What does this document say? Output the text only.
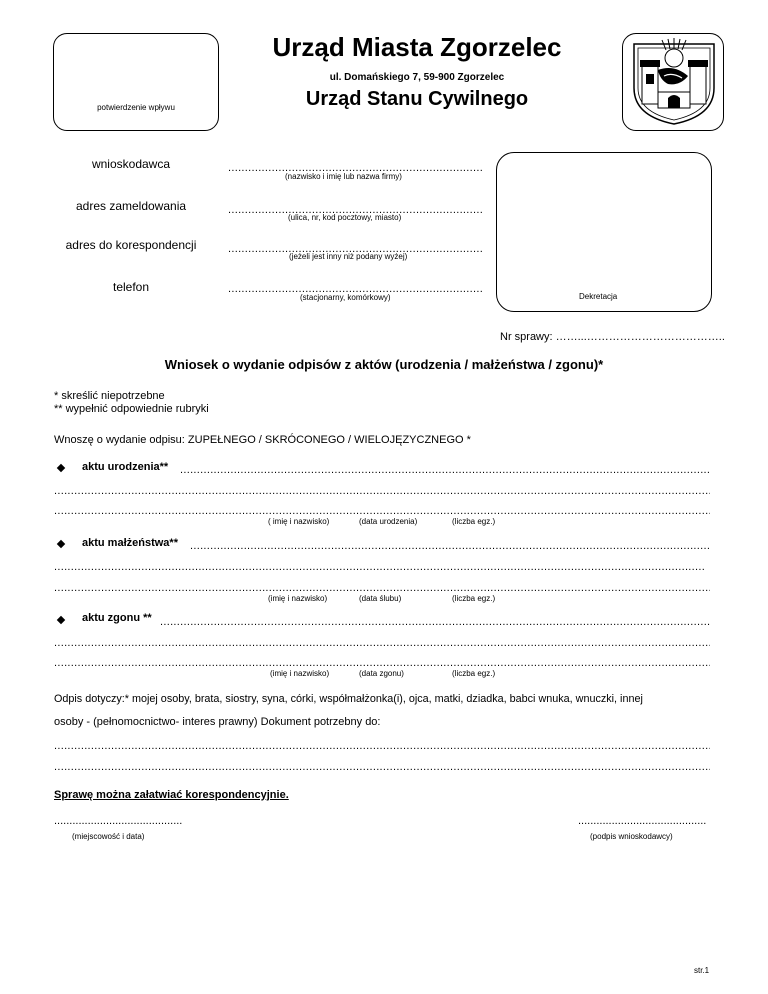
potwierdzenie wpływu
Urząd Miasta Zgorzelec
ul. Domańskiego 7, 59-900 Zgorzelec
Urząd Stanu Cywilnego
wnioskodawca
.....
(nazwisko i imię lub nazwa firmy)
adres zameldowania
.....
(ulica, nr, kod pocztowy, miasto)
adres do korespondencji
.....
(jeżeli jest inny niż podany wyżej)
telefon
.....
(stacjonarny, komórkowy)	Dekretacja
Nr sprawy: ……...………………………………..
Wniosek o wydanie odpisów z aktów (urodzenia / małżeństwa / zgonu)*
* skreślić niepotrzebne
** wypełnić odpowiednie rubryki
Wnoszę o wydanie odpisu: ZUPEŁNEGO / SKRÓCONEGO / WIELOJĘZYCZNEGO *
aktu urodzenia**
.....
.....
.....
( imię i nazwisko)	(data urodzenia)	(liczba egz.)
aktu małżeństwa**
.....
.....
.....
(imię i nazwisko)	(data ślubu)	(liczba egz.)
aktu zgonu **
.....
.....
.....
(imię i nazwisko)	(data zgonu)	(liczba egz.)
Odpis dotyczy:* mojej osoby, brata, siostry, syna, córki, współmałżonka(i), ojca, matki, dziadka, babci wnuka, wnuczki, innej
osoby - (pełnomocnictwo- interes prawny) Dokument potrzebny do:
.....
.....
Sprawę można załatwiać korespondencyjnie.
..........................................
(miejscowość i data)
..........................................
(podpis wnioskodawcy)
str.1
